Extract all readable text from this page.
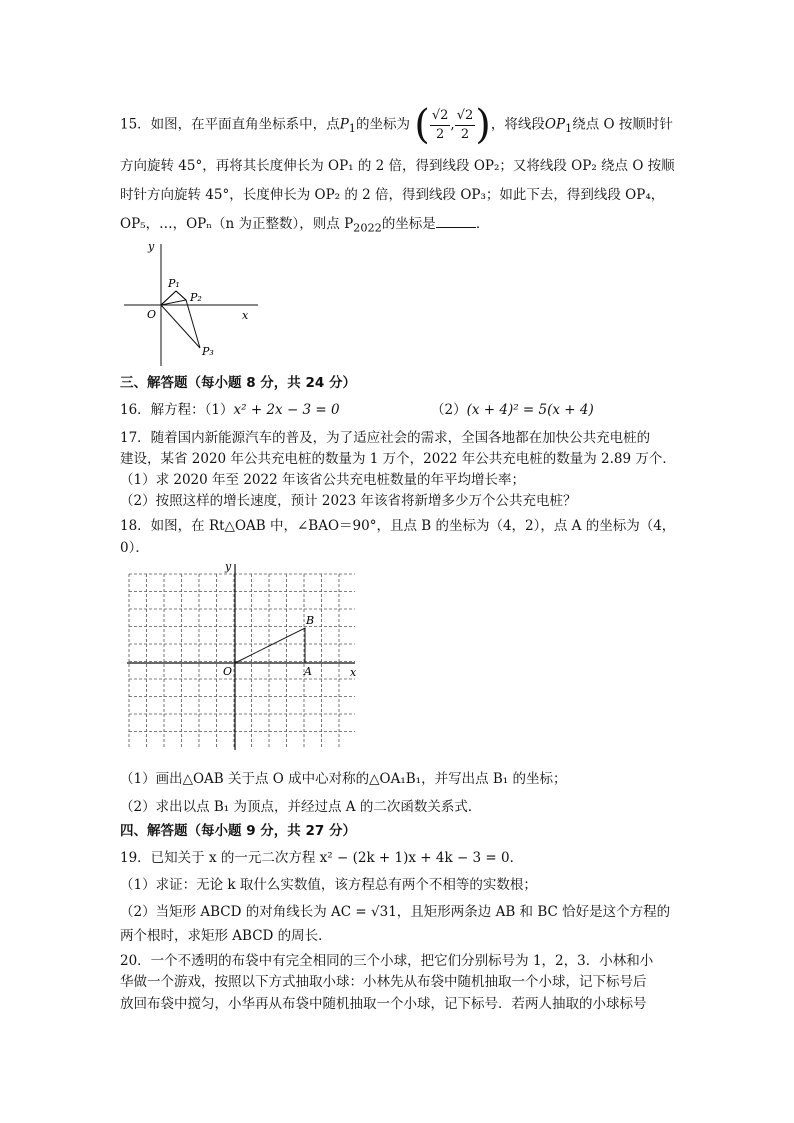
15．如图，在平面直角坐标系中，点$P_1$的坐标为 ( $\frac{√2}{2}$ , $\frac{√2}{2}$ )，将线段$OP_1$绕点 O 按顺时针
方向旋转 45°，再将其长度伸长为 OP₁ 的 2 倍，得到线段 OP₂；又将线段 OP₂ 绕点 O 按顺
时针方向旋转 45°，长度伸长为 OP₂ 的 2 倍，得到线段 OP₃；如此下去，得到线段 OP₄，
OP₅，…，OPₙ（n 为正整数），则点 $P_{2022}$的坐标是	．
x
y
O
P₁
P₂
P₃
三、解答题（每小题 8 分，共 24 分）
16．解方程：（1）x² + 2x − 3 = 0	（2）(x + 4)² = 5(x + 4)
17．随着国内新能源汽车的普及，为了适应社会的需求，全国各地都在加快公共充电桩的
建设，某省 2020 年公共充电桩的数量为 1 万个，2022 年公共充电桩的数量为 2.89 万个．
（1）求 2020 年至 2022 年该省公共充电桩数量的年平均增长率；
（2）按照这样的增长速度，预计 2023 年该省将新增多少万个公共充电桩？
18．如图，在 Rt△OAB 中，∠BAO＝90°，且点 B 的坐标为（4，2），点 A 的坐标为（4，
0）．
x
y
O	A
B
（1）画出△OAB 关于点 O 成中心对称的△OA₁B₁，并写出点 B₁ 的坐标；
（2）求出以点 B₁ 为顶点，并经过点 A 的二次函数关系式．
四、解答题（每小题 9 分，共 27 分）
19．已知关于 x 的一元二次方程 x² − (2k + 1)x + 4k − 3 = 0．
（1）求证：无论 k 取什么实数值，该方程总有两个不相等的实数根；
（2）当矩形 ABCD 的对角线长为 AC = √31，且矩形两条边 AB 和 BC 恰好是这个方程的
两个根时，求矩形 ABCD 的周长．
20．一个不透明的布袋中有完全相同的三个小球，把它们分别标号为 1，2，3．小林和小
华做一个游戏，按照以下方式抽取小球：小林先从布袋中随机抽取一个小球，记下标号后
放回布袋中搅匀，小华再从布袋中随机抽取一个小球，记下标号．若两人抽取的小球标号
